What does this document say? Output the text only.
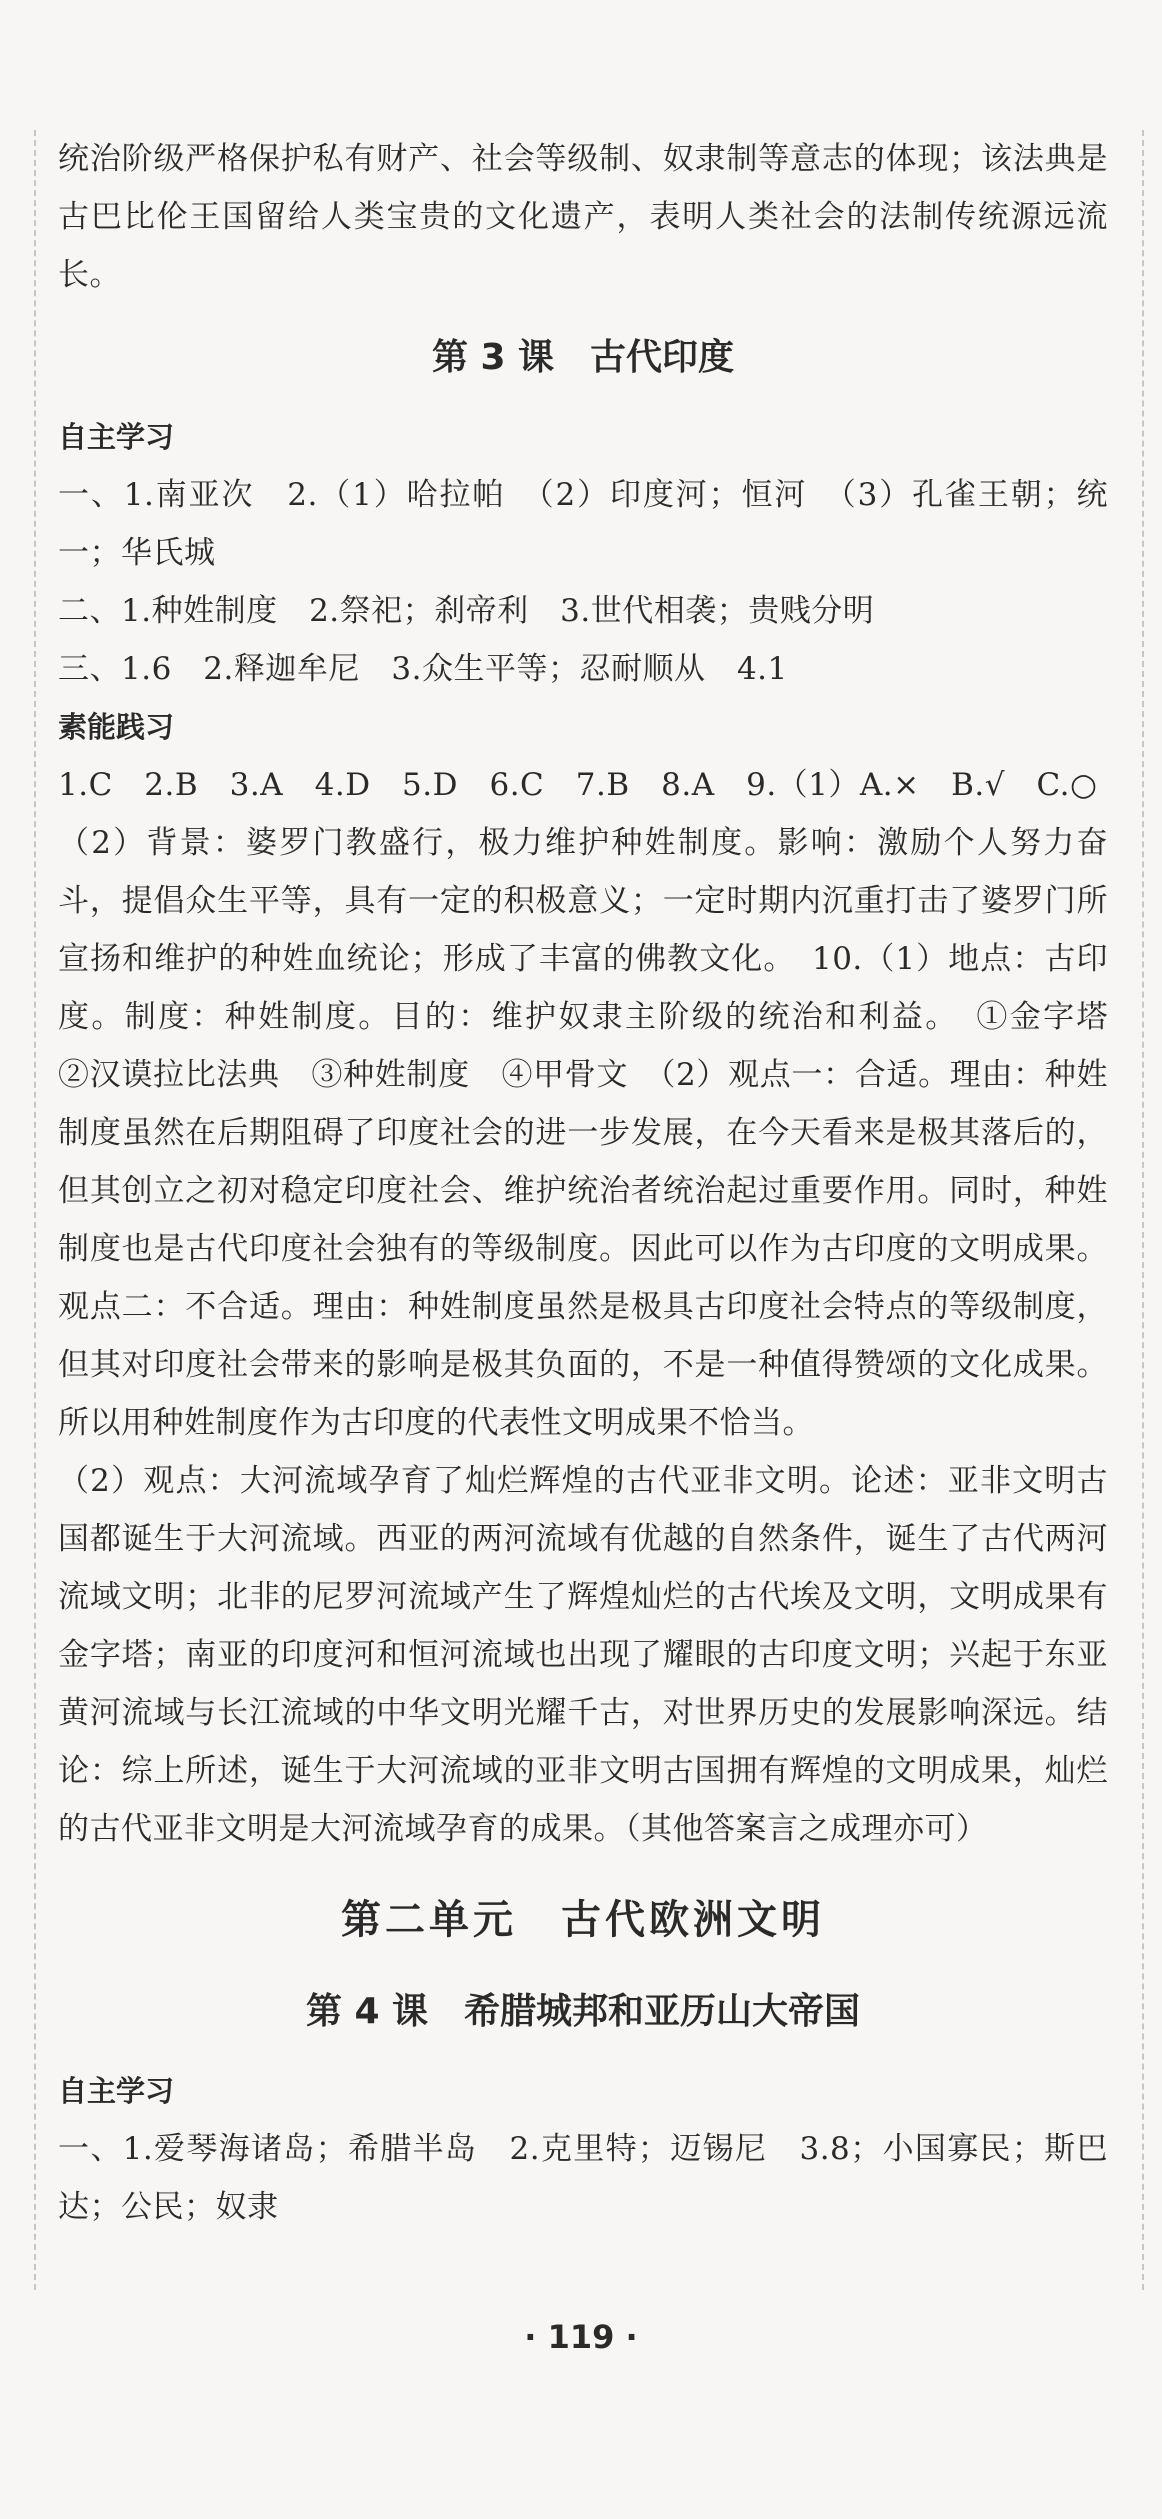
统治阶级严格保护私有财产、社会等级制、奴隶制等意志的体现；该法典是古巴比伦王国留给人类宝贵的文化遗产，表明人类社会的法制传统源远流长。

第 3 课　古代印度

自主学习

一、1.南亚次　2.（1）哈拉帕　（2）印度河；恒河　（3）孔雀王朝；统一；华氏城

二、1.种姓制度　2.祭祀；刹帝利　3.世代相袭；贵贱分明

三、1.6　2.释迦牟尼　3.众生平等；忍耐顺从　4.1

素能践习

1.C　2.B　3.A　4.D　5.D　6.C　7.B　8.A　9.（1）A.×　B.√　C.○

（2）背景：婆罗门教盛行，极力维护种姓制度。影响：激励个人努力奋斗，提倡众生平等，具有一定的积极意义；一定时期内沉重打击了婆罗门所宣扬和维护的种姓血统论；形成了丰富的佛教文化。　10.（1）地点：古印度。制度：种姓制度。目的：维护奴隶主阶级的统治和利益。　①金字塔　②汉谟拉比法典　③种姓制度　④甲骨文　（2）观点一：合适。理由：种姓制度虽然在后期阻碍了印度社会的进一步发展，在今天看来是极其落后的，但其创立之初对稳定印度社会、维护统治者统治起过重要作用。同时，种姓制度也是古代印度社会独有的等级制度。因此可以作为古印度的文明成果。观点二：不合适。理由：种姓制度虽然是极具古印度社会特点的等级制度，但其对印度社会带来的影响是极其负面的，不是一种值得赞颂的文化成果。所以用种姓制度作为古印度的代表性文明成果不恰当。

（2）观点：大河流域孕育了灿烂辉煌的古代亚非文明。论述：亚非文明古国都诞生于大河流域。西亚的两河流域有优越的自然条件，诞生了古代两河流域文明；北非的尼罗河流域产生了辉煌灿烂的古代埃及文明，文明成果有金字塔；南亚的印度河和恒河流域也出现了耀眼的古印度文明；兴起于东亚黄河流域与长江流域的中华文明光耀千古，对世界历史的发展影响深远。结论：综上所述，诞生于大河流域的亚非文明古国拥有辉煌的文明成果，灿烂的古代亚非文明是大河流域孕育的成果。（其他答案言之成理亦可）

第二单元　古代欧洲文明
第 4 课　希腊城邦和亚历山大帝国

自主学习

一、1.爱琴海诸岛；希腊半岛　2.克里特；迈锡尼　3.8；小国寡民；斯巴达；公民；奴隶

· 119 ·
